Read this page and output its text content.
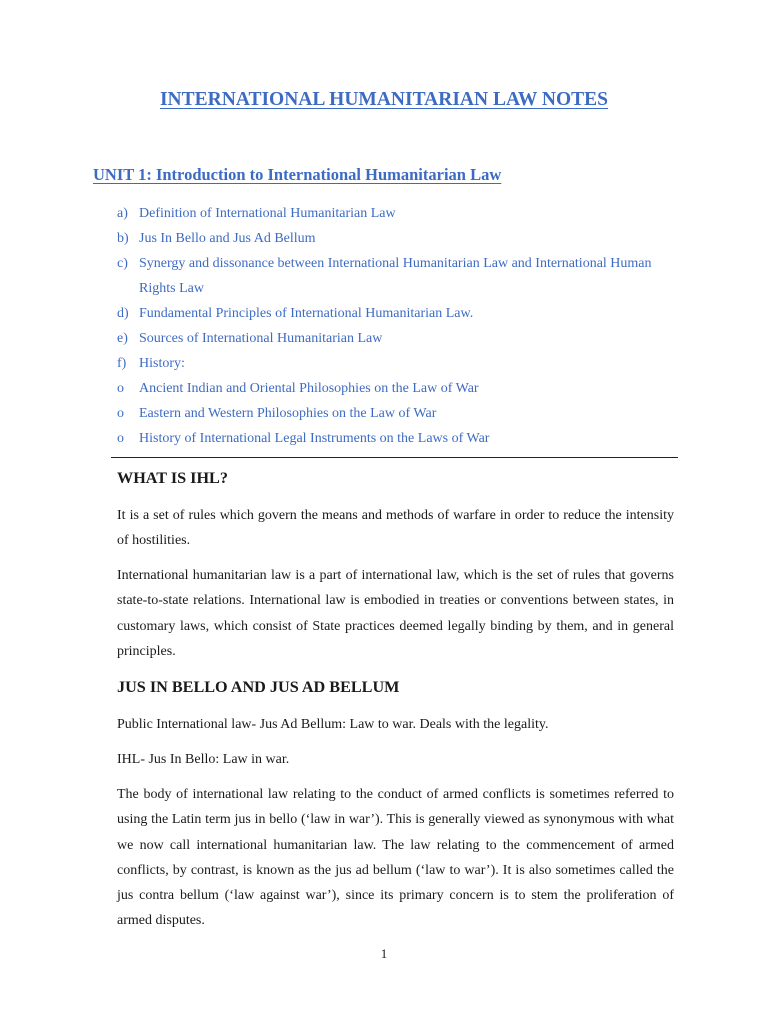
INTERNATIONAL HUMANITARIAN LAW NOTES
UNIT 1: Introduction to International Humanitarian Law
a) Definition of International Humanitarian Law
b) Jus In Bello and Jus Ad Bellum
c) Synergy and dissonance between International Humanitarian Law and International Human Rights Law
d) Fundamental Principles of International Humanitarian Law.
e) Sources of International Humanitarian Law
f) History:
o	Ancient Indian and Oriental Philosophies on the Law of War
o	Eastern and Western Philosophies on the Law of War
o	History of International Legal Instruments on the Laws of War
WHAT IS IHL?

It is a set of rules which govern the means and methods of warfare in order to reduce the intensity of hostilities.

International humanitarian law is a part of international law, which is the set of rules that governs state-to-state relations. International law is embodied in treaties or conventions between states, in customary laws, which consist of State practices deemed legally binding by them, and in general principles.

JUS IN BELLO AND JUS AD BELLUM

Public International law- Jus Ad Bellum: Law to war. Deals with the legality.

IHL- Jus In Bello: Law in war.

The body of international law relating to the conduct of armed conflicts is sometimes referred to using the Latin term jus in bello (‘law in war’). This is generally viewed as synonymous with what we now call international humanitarian law. The law relating to the commencement of armed conflicts, by contrast, is known as the jus ad bellum (‘law to war’). It is also sometimes called the jus contra bellum (‘law against war’), since its primary concern is to stem the proliferation of armed disputes.

1
